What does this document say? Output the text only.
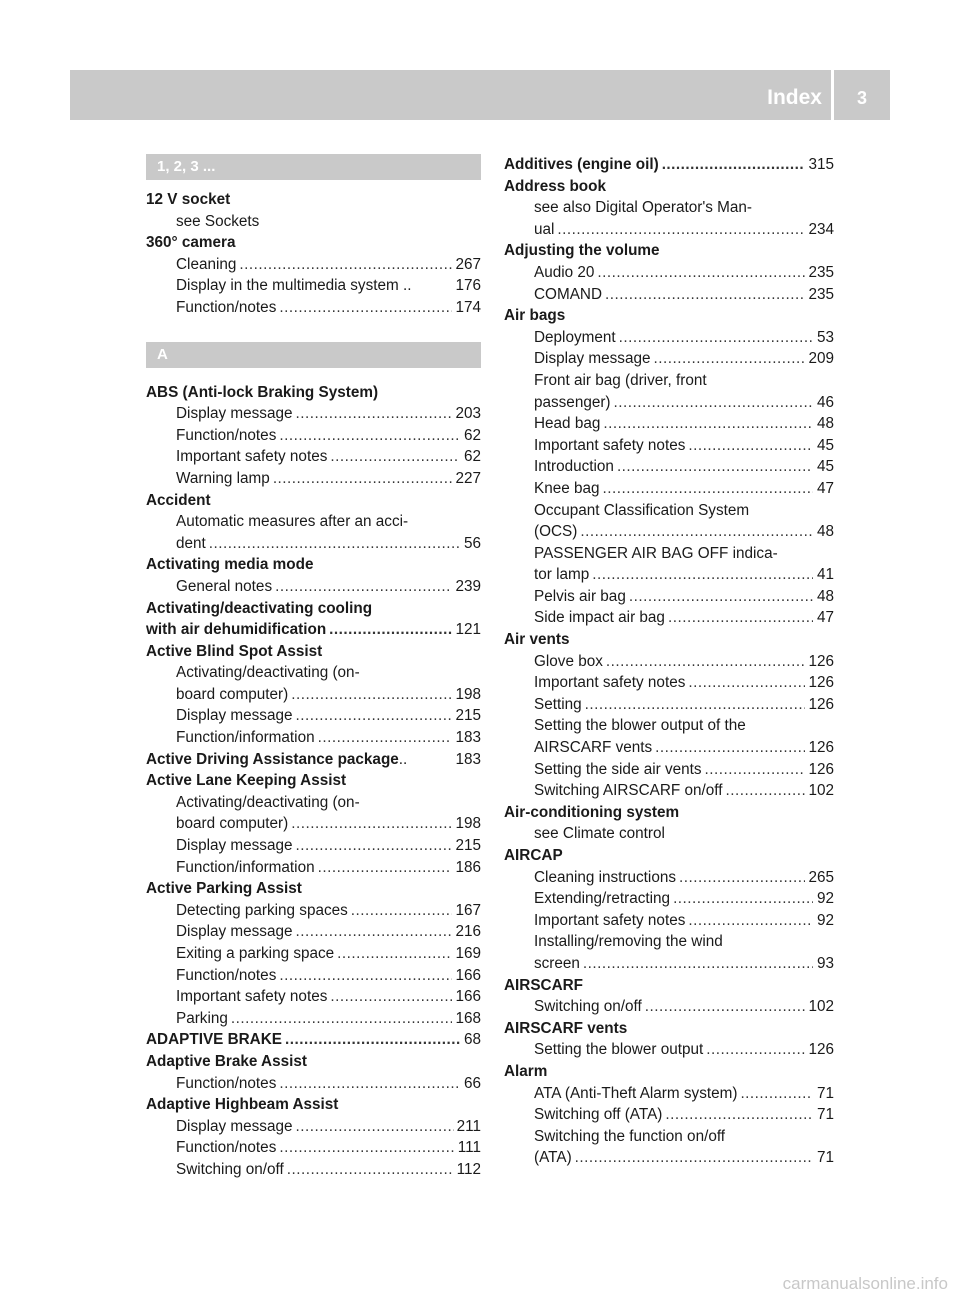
Index	3
1, 2, 3 ...
12 V socket
see Sockets
360° camera
Cleaning .....	267
Display in the multimedia system ..	176
Function/notes .....	174
A
ABS (Anti-lock Braking System)
Display message .....	203
Function/notes .....	62
Important safety notes .....	62
Warning lamp .....	227
Accident
Automatic measures after an acci-
dent .....	56
Activating media mode
General notes .....	239
Activating/deactivating cooling
with air dehumidification .....	121
Active Blind Spot Assist
Activating/deactivating (on-
board computer) .....	198
Display message .....	215
Function/information .....	183
Active Driving Assistance package ..	183
Active Lane Keeping Assist
Activating/deactivating (on-
board computer) .....	198
Display message .....	215
Function/information .....	186
Active Parking Assist
Detecting parking spaces .....	167
Display message .....	216
Exiting a parking space .....	169
Function/notes .....	166
Important safety notes .....	166
Parking .....	168
ADAPTIVE BRAKE .....	68
Adaptive Brake Assist
Function/notes .....	66
Adaptive Highbeam Assist
Display message .....	211
Function/notes .....	111
Switching on/off .....	112
Additives (engine oil) .....	315
Address book
see also Digital Operator's Man-
ual .....	234
Adjusting the volume
Audio 20 .....	235
COMAND .....	235
Air bags
Deployment .....	53
Display message .....	209
Front air bag (driver, front
passenger) .....	46
Head bag .....	48
Important safety notes .....	45
Introduction .....	45
Knee bag .....	47
Occupant Classification System
(OCS) .....	48
PASSENGER AIR BAG OFF indica-
tor lamp .....	41
Pelvis air bag .....	48
Side impact air bag .....	47
Air vents
Glove box .....	126
Important safety notes .....	126
Setting .....	126
Setting the blower output of the
AIRSCARF vents .....	126
Setting the side air vents .....	126
Switching AIRSCARF on/off .....	102
Air-conditioning system
see Climate control
AIRCAP
Cleaning instructions .....	265
Extending/retracting .....	92
Important safety notes .....	92
Installing/removing the wind
screen .....	93
AIRSCARF
Switching on/off .....	102
AIRSCARF vents
Setting the blower output .....	126
Alarm
ATA (Anti-Theft Alarm system) .....	71
Switching off (ATA) .....	71
Switching the function on/off
(ATA) .....	71
carmanualsonline.info
